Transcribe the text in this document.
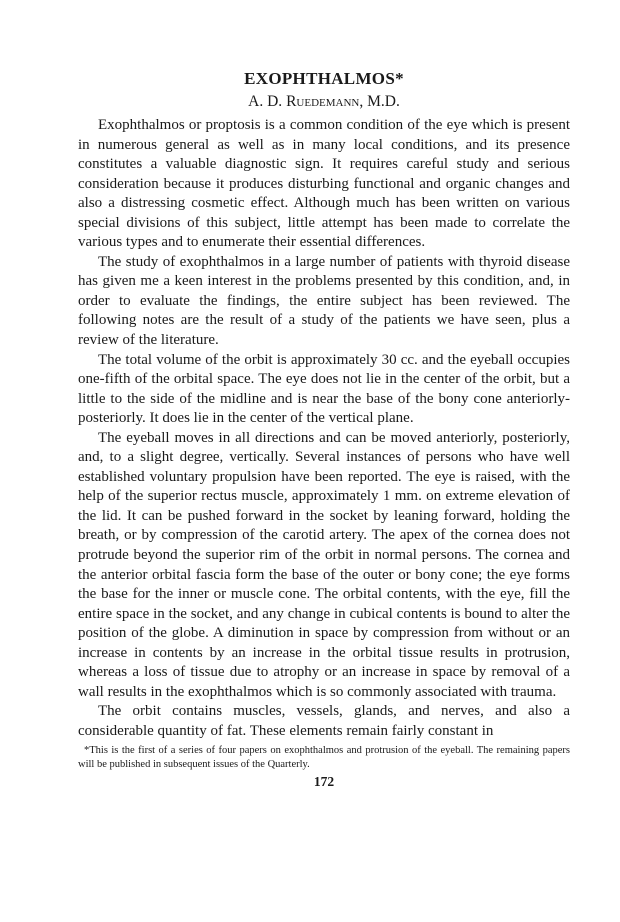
EXOPHTHALMOS*
A. D. Ruedemann, M.D.

Exophthalmos or proptosis is a common condition of the eye which is present in numerous general as well as in many local conditions, and its presence constitutes a valuable diagnostic sign. It requires careful study and serious consideration because it produces disturbing functional and organic changes and also a distressing cosmetic effect. Although much has been written on various special divisions of this subject, little attempt has been made to correlate the various types and to enumerate their essential differences.

The study of exophthalmos in a large number of patients with thyroid disease has given me a keen interest in the problems presented by this condition, and, in order to evaluate the findings, the entire subject has been reviewed. The following notes are the result of a study of the patients we have seen, plus a review of the literature.

The total volume of the orbit is approximately 30 cc. and the eyeball occupies one-fifth of the orbital space. The eye does not lie in the center of the orbit, but a little to the side of the midline and is near the base of the bony cone anteriorly-posteriorly. It does lie in the center of the vertical plane.

The eyeball moves in all directions and can be moved anteriorly, posteriorly, and, to a slight degree, vertically. Several instances of persons who have well established voluntary propulsion have been reported. The eye is raised, with the help of the superior rectus muscle, approximately 1 mm. on extreme elevation of the lid. It can be pushed forward in the socket by leaning forward, holding the breath, or by compression of the carotid artery. The apex of the cornea does not protrude beyond the superior rim of the orbit in normal persons. The cornea and the anterior orbital fascia form the base of the outer or bony cone; the eye forms the base for the inner or muscle cone. The orbital contents, with the eye, fill the entire space in the socket, and any change in cubical contents is bound to alter the position of the globe. A diminution in space by compression from without or an increase in contents by an increase in the orbital tissue results in protrusion, whereas a loss of tissue due to atrophy or an increase in space by removal of a wall results in the exophthalmos which is so commonly associated with trauma.

The orbit contains muscles, vessels, glands, and nerves, and also a considerable quantity of fat. These elements remain fairly constant in

*This is the first of a series of four papers on exophthalmos and protrusion of the eyeball. The remaining papers will be published in subsequent issues of the Quarterly.
172
